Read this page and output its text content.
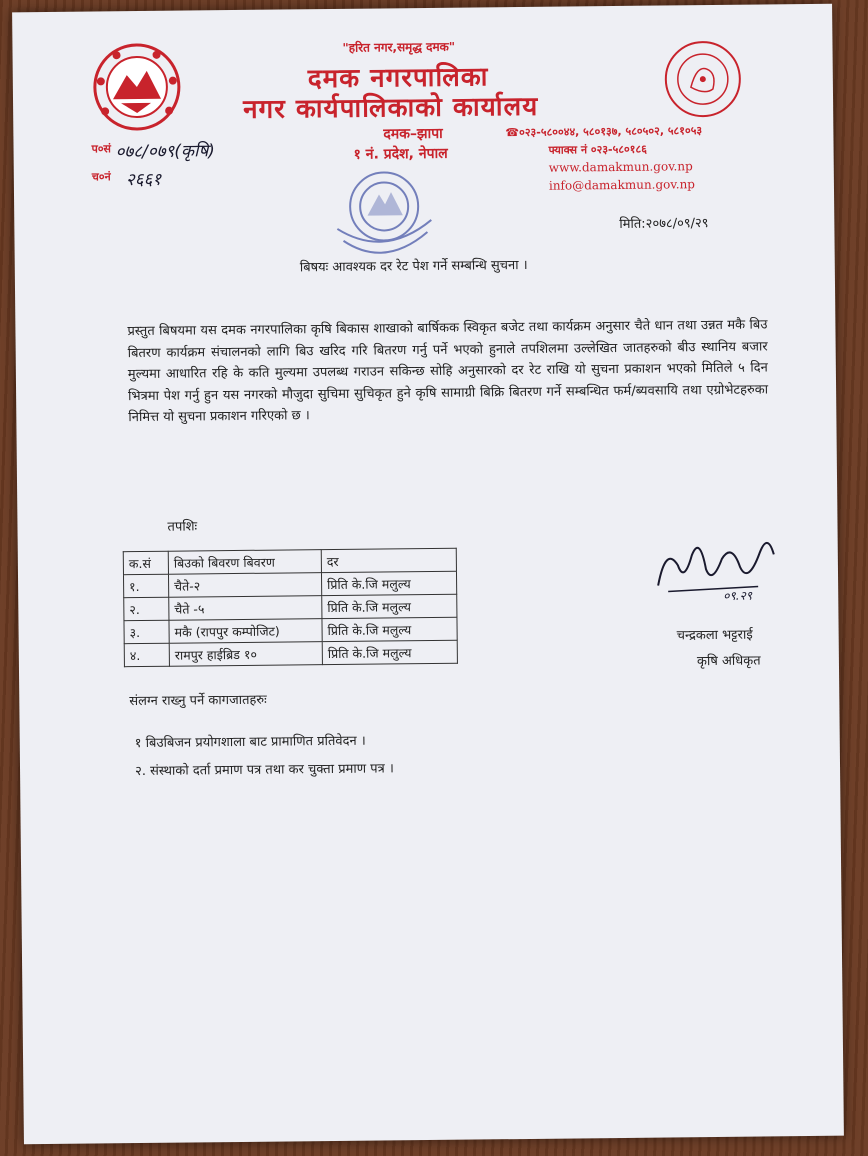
"हरित नगर,समृद्ध दमक"
दमक नगरपालिका
नगर कार्यपालिकाको कार्यालय
दमक–झापा
१ नं. प्रदेश, नेपाल
☎०२३-५८००४४, ५८०१३७, ५८०५०२, ५८१०५३
फ्याक्स नं ०२३-५८०१८६
www.damakmun.gov.np
info@damakmun.gov.np
प०सं ०७८/०७९(कृषि)
च०नं २६६१
मिति:२०७८/०९/२९
बिषयः आवश्यक दर रेट पेश गर्ने सम्बन्धि सुचना ।
प्रस्तुत बिषयमा यस दमक नगरपालिका कृषि बिकास शाखाको बार्षिकक स्विकृत बजेट तथा कार्यक्रम अनुसार चैते धान तथा उन्नत मकै बिउ बितरण कार्यक्रम संचालनको लागि बिउ खरिद गरि बितरण गर्नु पर्ने भएको हुनाले तपशिलमा उल्लेखित जातहरुको बीउ स्थानिय बजार मुल्यमा आधारित रहि के कति मुल्यमा उपलब्ध गराउन सकिन्छ सोहि अनुसारको दर रेट राखि यो सुचना प्रकाशन भएको मितिले ५ दिन भित्रमा पेश गर्नु हुन यस नगरको मौजुदा सुचिमा सुचिकृत हुने कृषि सामाग्री बिक्रि बितरण गर्ने सम्बन्धित फर्म/ब्यवसायि तथा एग्रोभेटहरुका निमित्त यो सुचना प्रकाशन गरिएको छ ।
तपशिः
क.सं	बिउको बिवरण बिवरण	दर
१.	चैते-२	प्रिति के.जि मलुल्य
२.	चैते -५	प्रिति के.जि मलुल्य
३.	मकै (रापपुर कम्पोजिट)	प्रिति के.जि मलुल्य
४.	रामपुर हाईब्रिड १०	प्रिति के.जि मलुल्य
संलग्न राख्नु पर्ने कागजातहरुः
१ बिउबिजन प्रयोगशाला बाट प्रामाणित प्रतिवेदन ।
२. संस्थाको दर्ता प्रमाण पत्र तथा कर चुक्ता प्रमाण पत्र ।
०९.२९
चन्द्रकला भट्टराई
कृषि अधिकृत
